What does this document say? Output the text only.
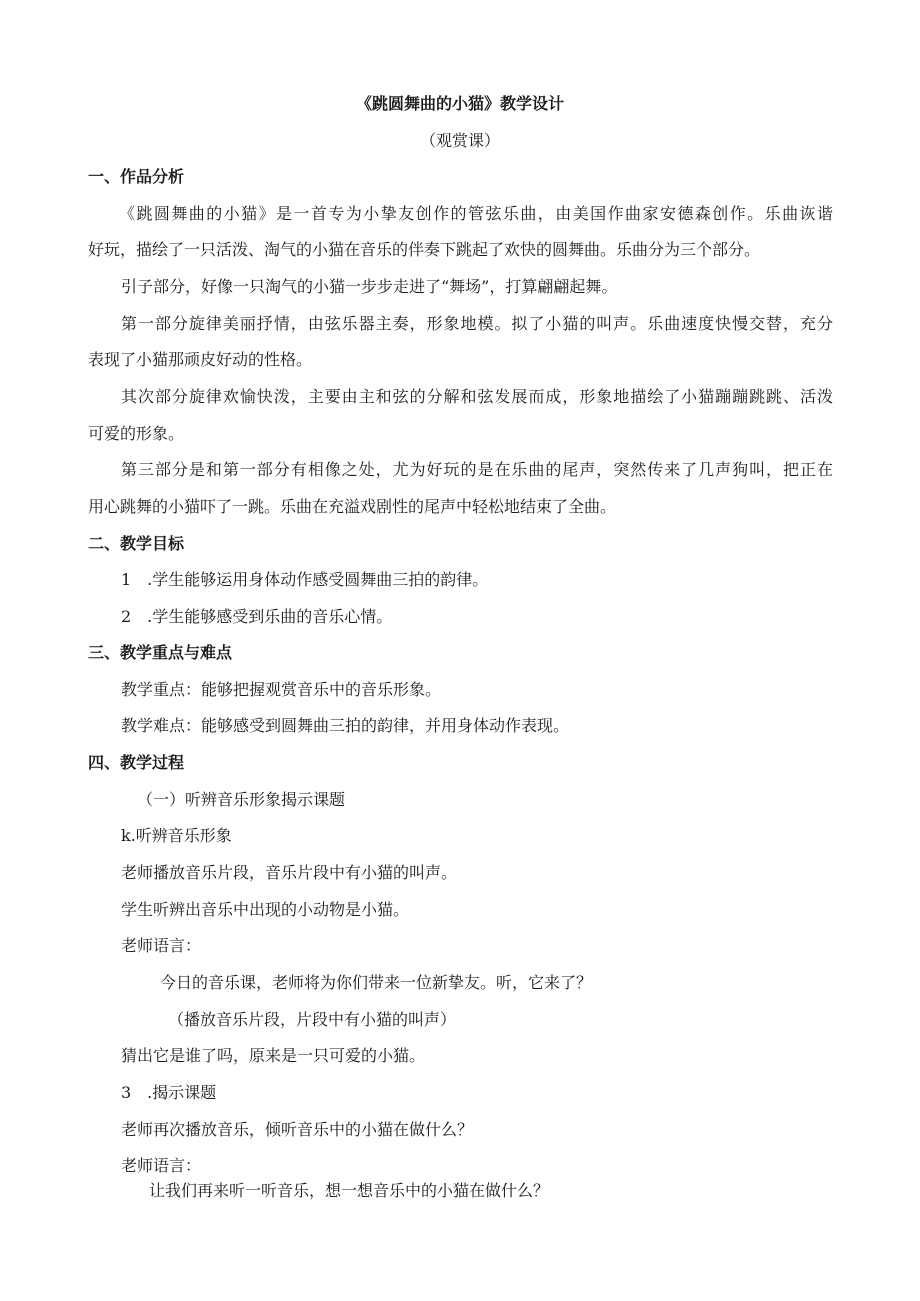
《跳圆舞曲的小猫》教学设计
（观赏课）
一、作品分析
《跳圆舞曲的小猫》是一首专为小挚友创作的管弦乐曲，由美国作曲家安德森创作。乐曲诙谐
好玩，描绘了一只活泼、淘气的小猫在音乐的伴奏下跳起了欢快的圆舞曲。乐曲分为三个部分。
引子部分，好像一只淘气的小猫一步步走进了“舞场”，打算翩翩起舞。
第一部分旋律美丽抒情，由弦乐器主奏，形象地模。拟了小猫的叫声。乐曲速度快慢交替，充分
表现了小猫那顽皮好动的性格。
其次部分旋律欢愉快泼，主要由主和弦的分解和弦发展而成，形象地描绘了小猫蹦蹦跳跳、活泼
可爱的形象。
第三部分是和第一部分有相像之处，尤为好玩的是在乐曲的尾声，突然传来了几声狗叫，把正在
用心跳舞的小猫吓了一跳。乐曲在充溢戏剧性的尾声中轻松地结束了全曲。
二、教学目标
1　.学生能够运用身体动作感受圆舞曲三拍的韵律。
2　.学生能够感受到乐曲的音乐心情。
三、教学重点与难点
教学重点：能够把握观赏音乐中的音乐形象。
教学难点：能够感受到圆舞曲三拍的韵律，并用身体动作表现。
四、教学过程
（一）听辨音乐形象揭示课题
k.听辨音乐形象
老师播放音乐片段，音乐片段中有小猫的叫声。
学生听辨出音乐中出现的小动物是小猫。
老师语言：
今日的音乐课，老师将为你们带来一位新挚友。听，它来了？
（播放音乐片段，片段中有小猫的叫声）
猜出它是谁了吗，原来是一只可爱的小猫。
3　.揭示课题
老师再次播放音乐，倾听音乐中的小猫在做什么？
老师语言：
让我们再来听一听音乐，想一想音乐中的小猫在做什么？
